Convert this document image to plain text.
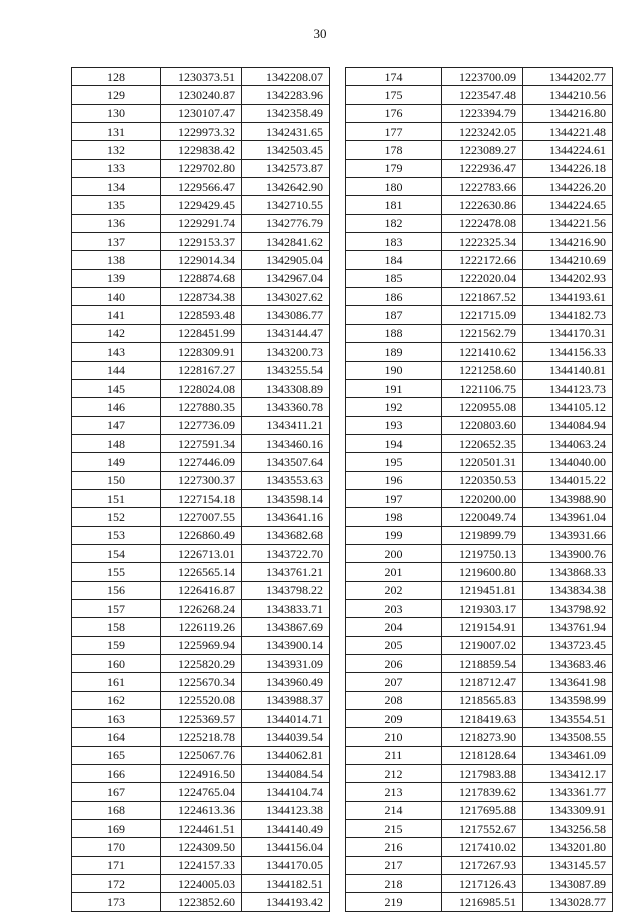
30
128	1230373.51	1342208.07
129	1230240.87	1342283.96
130	1230107.47	1342358.49
131	1229973.32	1342431.65
132	1229838.42	1342503.45
133	1229702.80	1342573.87
134	1229566.47	1342642.90
135	1229429.45	1342710.55
136	1229291.74	1342776.79
137	1229153.37	1342841.62
138	1229014.34	1342905.04
139	1228874.68	1342967.04
140	1228734.38	1343027.62
141	1228593.48	1343086.77
142	1228451.99	1343144.47
143	1228309.91	1343200.73
144	1228167.27	1343255.54
145	1228024.08	1343308.89
146	1227880.35	1343360.78
147	1227736.09	1343411.21
148	1227591.34	1343460.16
149	1227446.09	1343507.64
150	1227300.37	1343553.63
151	1227154.18	1343598.14
152	1227007.55	1343641.16
153	1226860.49	1343682.68
154	1226713.01	1343722.70
155	1226565.14	1343761.21
156	1226416.87	1343798.22
157	1226268.24	1343833.71
158	1226119.26	1343867.69
159	1225969.94	1343900.14
160	1225820.29	1343931.09
161	1225670.34	1343960.49
162	1225520.08	1343988.37
163	1225369.57	1344014.71
164	1225218.78	1344039.54
165	1225067.76	1344062.81
166	1224916.50	1344084.54
167	1224765.04	1344104.74
168	1224613.36	1344123.38
169	1224461.51	1344140.49
170	1224309.50	1344156.04
171	1224157.33	1344170.05
172	1224005.03	1344182.51
173	1223852.60	1344193.42
174	1223700.09	1344202.77
175	1223547.48	1344210.56
176	1223394.79	1344216.80
177	1223242.05	1344221.48
178	1223089.27	1344224.61
179	1222936.47	1344226.18
180	1222783.66	1344226.20
181	1222630.86	1344224.65
182	1222478.08	1344221.56
183	1222325.34	1344216.90
184	1222172.66	1344210.69
185	1222020.04	1344202.93
186	1221867.52	1344193.61
187	1221715.09	1344182.73
188	1221562.79	1344170.31
189	1221410.62	1344156.33
190	1221258.60	1344140.81
191	1221106.75	1344123.73
192	1220955.08	1344105.12
193	1220803.60	1344084.94
194	1220652.35	1344063.24
195	1220501.31	1344040.00
196	1220350.53	1344015.22
197	1220200.00	1343988.90
198	1220049.74	1343961.04
199	1219899.79	1343931.66
200	1219750.13	1343900.76
201	1219600.80	1343868.33
202	1219451.81	1343834.38
203	1219303.17	1343798.92
204	1219154.91	1343761.94
205	1219007.02	1343723.45
206	1218859.54	1343683.46
207	1218712.47	1343641.98
208	1218565.83	1343598.99
209	1218419.63	1343554.51
210	1218273.90	1343508.55
211	1218128.64	1343461.09
212	1217983.88	1343412.17
213	1217839.62	1343361.77
214	1217695.88	1343309.91
215	1217552.67	1343256.58
216	1217410.02	1343201.80
217	1217267.93	1343145.57
218	1217126.43	1343087.89
219	1216985.51	1343028.77
